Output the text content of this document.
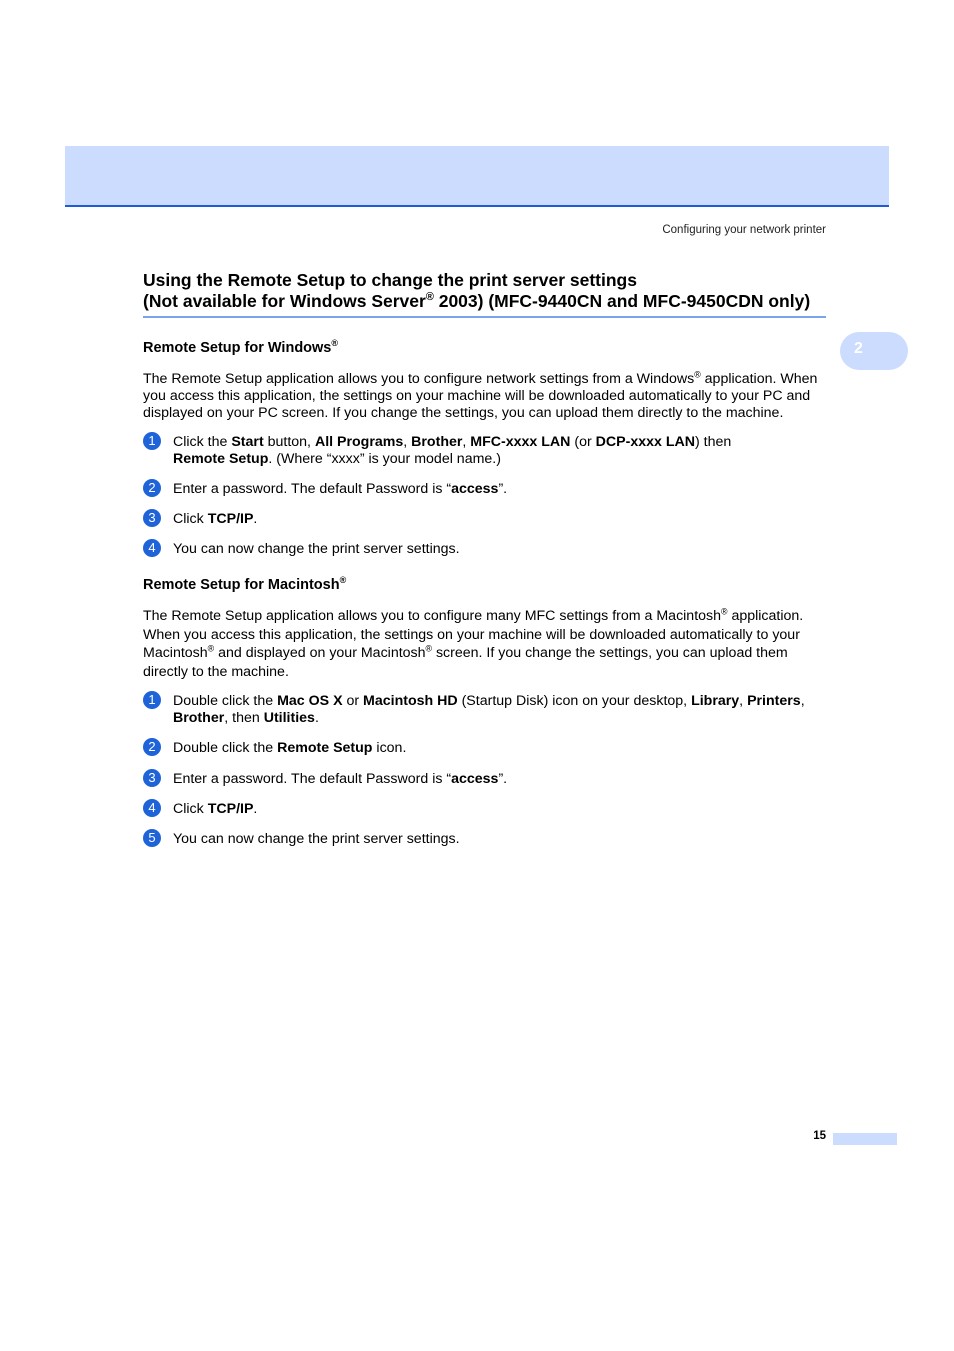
Configuring your network printer
2
Using the Remote Setup to change the print server settings
(Not available for Windows Server® 2003) (MFC-9440CN and MFC-9450CDN only)
Remote Setup for Windows®

The Remote Setup application allows you to configure network settings from a Windows® application. When you access this application, the settings on your machine will be downloaded automatically to your PC and displayed on your PC screen. If you change the settings, you can upload them directly to the machine.

1	Click the Start button, All Programs, Brother, MFC-xxxx LAN (or DCP-xxxx LAN) then
Remote Setup. (Where “xxxx” is your model name.)
2	Enter a password. The default Password is “access”.
3	Click TCP/IP.
4	You can now change the print server settings.
Remote Setup for Macintosh®

The Remote Setup application allows you to configure many MFC settings from a Macintosh® application. When you access this application, the settings on your machine will be downloaded automatically to your Macintosh® and displayed on your Macintosh® screen. If you change the settings, you can upload them directly to the machine.

1	Double click the Mac OS X or Macintosh HD (Startup Disk) icon on your desktop, Library, Printers, Brother, then Utilities.
2	Double click the Remote Setup icon.
3	Enter a password. The default Password is “access”.
4	Click TCP/IP.
5	You can now change the print server settings.
15
